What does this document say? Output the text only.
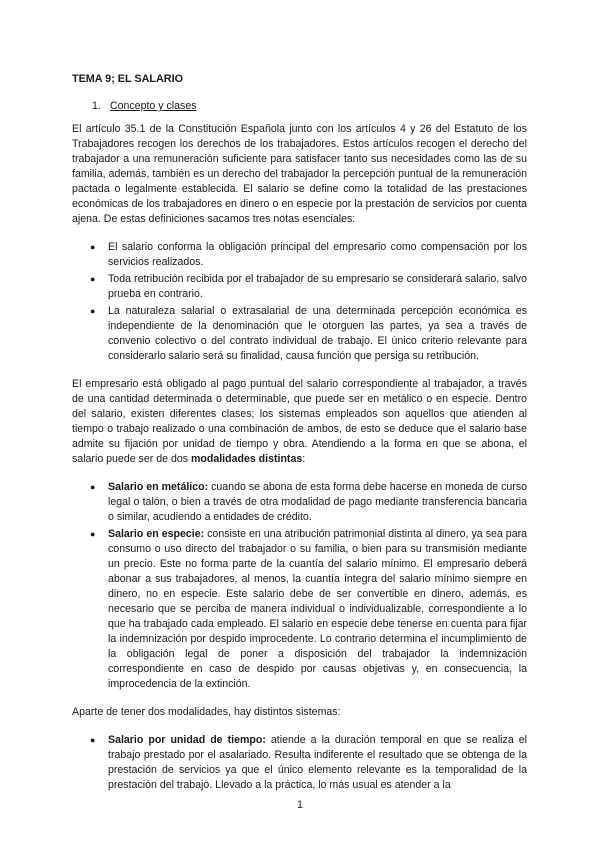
TEMA 9; EL SALARIO
1. Concepto y clases

El artículo 35.1 de la Constitución Española junto con los artículos 4 y 26 del Estatuto de los Trabajadores recogen los derechos de los trabajadores. Estos artículos recogen el derecho del trabajador a una remuneración suficiente para satisfacer tanto sus necesidades como las de su familia, además, también es un derecho del trabajador la percepción puntual de la remuneración pactada o legalmente establecida. El salario se define como la totalidad de las prestaciones económicas de los trabajadores en dinero o en especie por la prestación de servicios por cuenta ajena. De estas definiciones sacamos tres notas esenciales:

● El salario conforma la obligación principal del empresario como compensación por los servicios realizados.
● Toda retribución recibida por el trabajador de su empresario se considerará salario, salvo prueba en contrario.
● La naturaleza salarial o extrasalarial de una determinada percepción económica es independiente de la denominación que le otorguen las partes, ya sea a través de convenio colectivo o del contrato individual de trabajo. El único criterio relevante para considerarlo salario será su finalidad, causa función que persiga su retribución.

El empresario está obligado al pago puntual del salario correspondiente al trabajador, a través de una cantidad determinada o determinable, que puede ser en metálico o en especie. Dentro del salario, existen diferentes clases; los sistemas empleados son aquellos que atienden al tiempo o trabajo realizado o una combinación de ambos, de esto se deduce que el salario base admite su fijación por unidad de tiempo y obra. Atendiendo a la forma en que se abona, el salario puede ser de dos modalidades distintas:

● Salario en metálico: cuando se abona de esta forma debe hacerse en moneda de curso legal o talón, o bien a través de otra modalidad de pago mediante transferencia bancaria o similar, acudiendo a entidades de crédito.
● Salario en especie: consiste en una atribución patrimonial distinta al dinero, ya sea para consumo o uso directo del trabajador o su familia, o bien para su transmisión mediante un precio. Este no forma parte de la cuantía del salario mínimo. El empresario deberá abonar a sus trabajadores, al menos, la cuantía íntegra del salario mínimo siempre en dinero, no en especie. Este salario debe de ser convertible en dinero, además, es necesario que se perciba de manera individual o individualizable, correspondiente a lo que ha trabajado cada empleado. El salario en especie debe tenerse en cuenta para fijar la indemnización por despido improcedente. Lo contrario determina el incumplimiento de la obligación legal de poner a disposición del trabajador la indemnización correspondiente en caso de despido por causas objetivas y, en consecuencia, la improcedencia de la extinción.

Aparte de tener dos modalidades, hay distintos sistemas:

● Salario por unidad de tiempo: atiende a la duración temporal en que se realiza el trabajo prestado por el asalariado. Resulta indiferente el resultado que se obtenga de la prestación de servicios ya que el único elemento relevante es la temporalidad de la prestación del trabajo. Llevado a la práctica, lo más usual es atender a la
1
